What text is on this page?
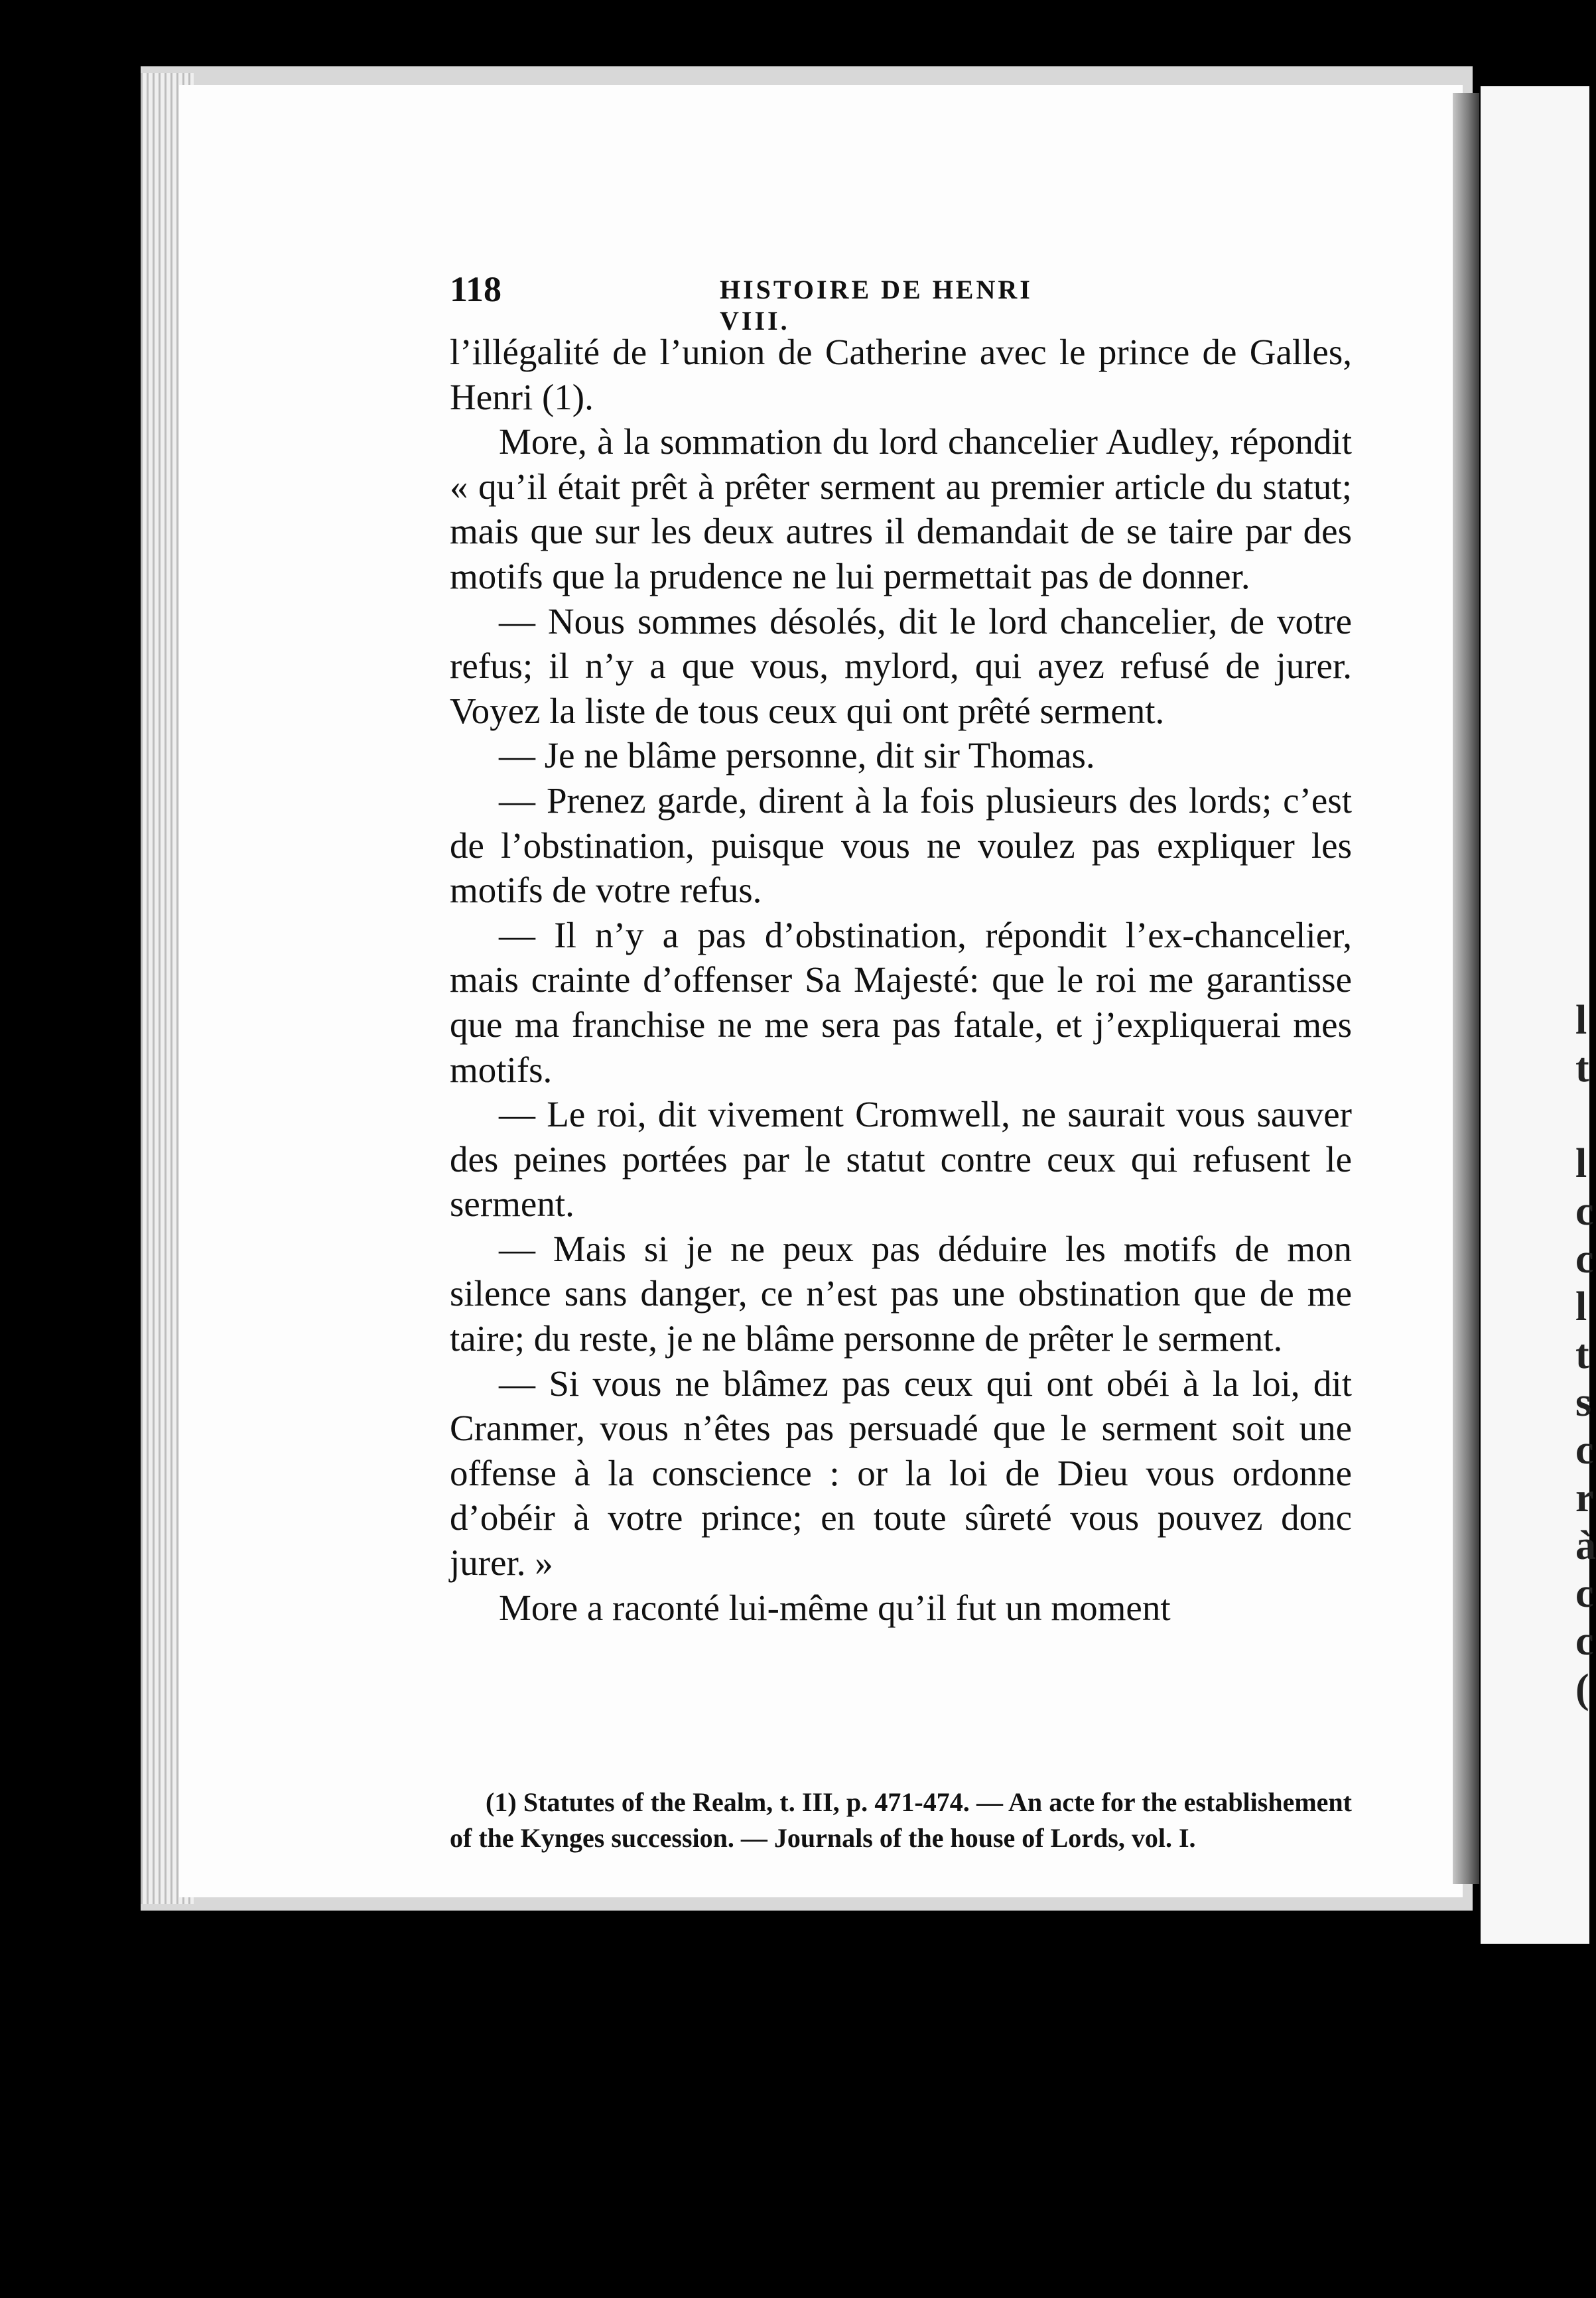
l
t

l
c
c
l
t
s
c
r
à
c
c
(
118	HISTOIRE DE HENRI VIII.

l’illégalité de l’union de Catherine avec le prince de Galles, Henri (1).

More, à la sommation du lord chancelier Audley, répondit « qu’il était prêt à prêter serment au premier article du statut; mais que sur les deux autres il demandait de se taire par des motifs que la prudence ne lui permettait pas de donner.

— Nous sommes désolés, dit le lord chancelier, de votre refus; il n’y a que vous, mylord, qui ayez refusé de jurer. Voyez la liste de tous ceux qui ont prêté serment.

— Je ne blâme personne, dit sir Thomas.

— Prenez garde, dirent à la fois plusieurs des lords; c’est de l’obstination, puisque vous ne voulez pas expliquer les motifs de votre refus.

— Il n’y a pas d’obstination, répondit l’ex-chancelier, mais crainte d’offenser Sa Majesté: que le roi me garantisse que ma franchise ne me sera pas fatale, et j’expliquerai mes motifs.

— Le roi, dit vivement Cromwell, ne saurait vous sauver des peines portées par le statut contre ceux qui refusent le serment.

— Mais si je ne peux pas déduire les motifs de mon silence sans danger, ce n’est pas une obstination que de me taire; du reste, je ne blâme personne de prêter le serment.

— Si vous ne blâmez pas ceux qui ont obéi à la loi, dit Cranmer, vous n’êtes pas persuadé que le serment soit une offense à la conscience : or la loi de Dieu vous ordonne d’obéir à votre prince; en toute sûreté vous pouvez donc jurer. »

More a raconté lui-même qu’il fut un moment

(1) Statutes of the Realm, t. III, p. 471-474. — An acte for the establishement of the Kynges succession. — Journals of the house of Lords, vol. I.
